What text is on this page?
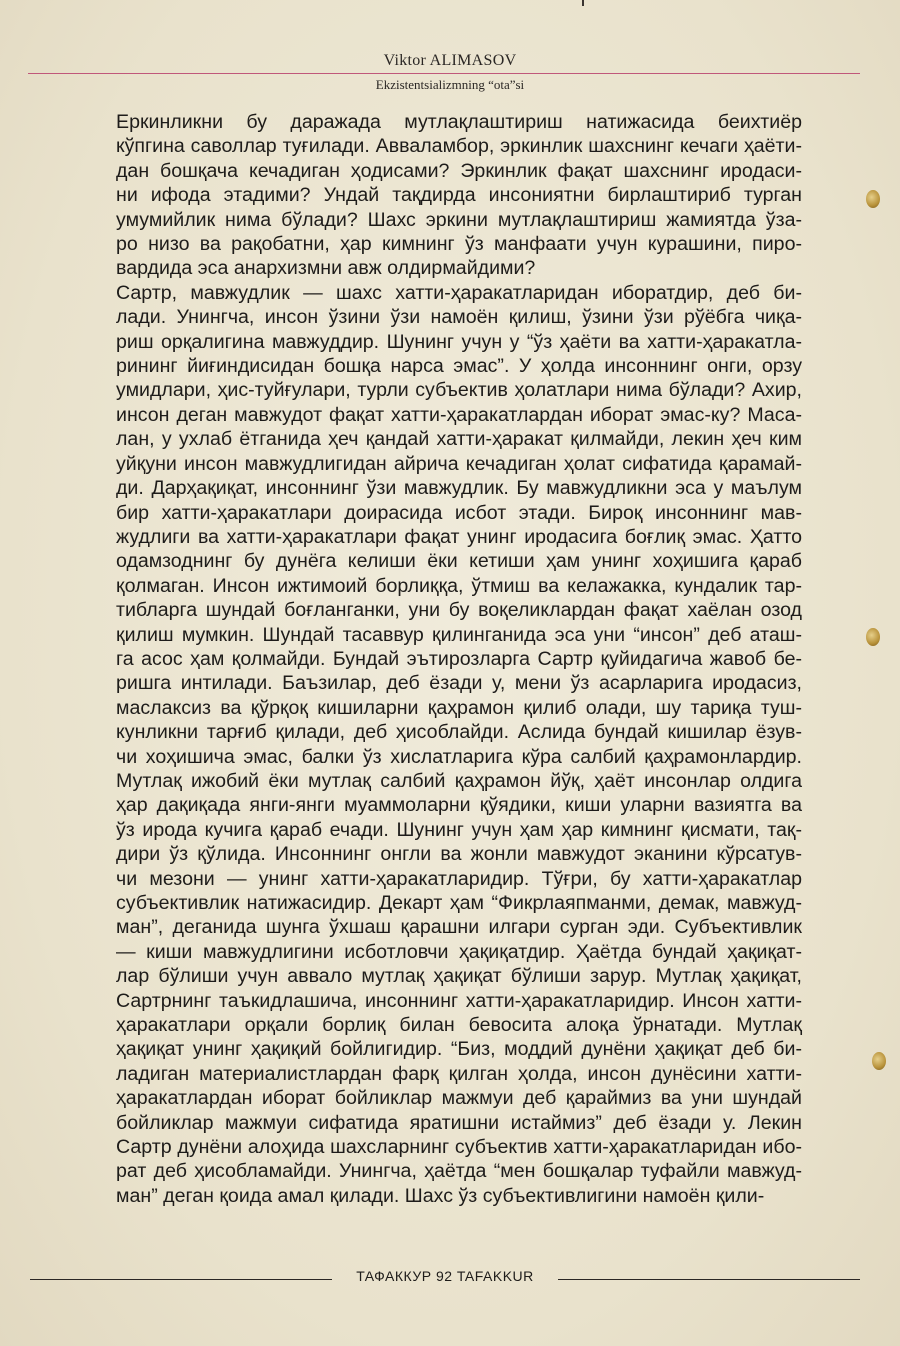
Viktor ALIMASOV
Ekzistentsializmning “ota”sі
Еркинликни бу даражада мутлақлаштириш натижасида беихтиёр
кўпгина саволлар туғилади. Авваламбор, эркинлик шахснинг кечаги ҳаёти-
дан бошқача кечадиган ҳодисами? Эркинлик фақат шахснинг иродаси-
ни ифода этадими? Ундай тақдирда инсониятни бирлаштириб турган
умумийлик нима бўлади? Шахс эркини мутлақлаштириш жамиятда ўза-
ро низо ва рақобатни, ҳар кимнинг ўз манфаати учун курашини, пиро-
вардида эса анархизмни авж олдирмайдими?
Сартр, мавжудлик — шахс хатти-ҳаракатларидан иборатдир, деб би-
лади. Унингча, инсон ўзини ўзи намоён қилиш, ўзини ўзи рўёбга чиқа-
риш орқалигина мавжуддир. Шунинг учун у “ўз ҳаёти ва хатти-ҳаракатла-
рининг йиғиндисидан бошқа нарса эмас”. У ҳолда инсоннинг онги, орзу
умидлари, ҳис-туйғулари, турли субъектив ҳолатлари нима бўлади? Ахир,
инсон деган мавжудот фақат хатти-ҳаракатлардан иборат эмас-ку? Маса-
лан, у ухлаб ётганида ҳеч қандай хатти-ҳаракат қилмайди, лекин ҳеч ким
уйқуни инсон мавжудлигидан айрича кечадиган ҳолат сифатида қарамай-
ди. Дарҳақиқат, инсоннинг ўзи мавжудлик. Бу мавжудликни эса у маълум
бир хатти-ҳаракатлари доирасида исбот этади. Бироқ инсоннинг мав-
жудлиги ва хатти-ҳаракатлари фақат унинг иродасига боғлиқ эмас. Ҳатто
одамзоднинг бу дунёга келиши ёки кетиши ҳам унинг хоҳишига қараб
қолмаган. Инсон ижтимоий борлиққа, ўтмиш ва келажакка, кундалик тар-
тибларга шундай боғланганки, уни бу воқеликлардан фақат хаёлан озод
қилиш мумкин. Шундай тасаввур қилинганида эса уни “инсон” деб аташ-
га асос ҳам қолмайди. Бундай эътирозларга Сартр қуйидагича жавоб бе-
ришга интилади. Баъзилар, деб ёзади у, мени ўз асарларига иродасиз,
маслаксиз ва қўрқоқ кишиларни қаҳрамон қилиб олади, шу тариқа туш-
кунликни тарғиб қилади, деб ҳисоблайди. Аслида бундай кишилар ёзув-
чи хоҳишича эмас, балки ўз хислатларига кўра салбий қаҳрамонлардир.
Мутлақ ижобий ёки мутлақ салбий қаҳрамон йўқ, ҳаёт инсонлар олдига
ҳар дақиқада янги-янги муаммоларни қўядики, киши уларни вазиятга ва
ўз ирода кучига қараб ечади. Шунинг учун ҳам ҳар кимнинг қисмати, тақ-
дири ўз қўлида. Инсоннинг онгли ва жонли мавжудот эканини кўрсатув-
чи мезони — унинг хатти-ҳаракатларидир. Тўғри, бу хатти-ҳаракатлар
субъективлик натижасидир. Декарт ҳам “Фикрлаяпманми, демак, мавжуд-
ман”, деганида шунга ўхшаш қарашни илгари сурган эди. Субъективлик
— киши мавжудлигини исботловчи ҳақиқатдир. Ҳаётда бундай ҳақиқат-
лар бўлиши учун аввало мутлақ ҳақиқат бўлиши зарур. Мутлақ ҳақиқат,
Сартрнинг таъкидлашича, инсоннинг хатти-ҳаракатларидир. Инсон хатти-
ҳаракатлари орқали борлиқ билан бевосита алоқа ўрнатади. Мутлақ
ҳақиқат унинг ҳақиқий бойлигидир. “Биз, моддий дунёни ҳақиқат деб би-
ладиган материалистлардан фарқ қилган ҳолда, инсон дунёсини хатти-
ҳаракатлардан иборат бойликлар мажмуи деб қараймиз ва уни шундай
бойликлар мажмуи сифатида яратишни истаймиз” деб ёзади у. Лекин
Сартр дунёни алоҳида шахсларнинг субъектив хатти-ҳаракатларидан ибо-
рат деб ҳисобламайди. Унингча, ҳаётда “мен бошқалар туфайли мавжуд-
ман” деган қоида амал қилади. Шахс ўз субъективлигини намоён қили-
ТАФАККУР 92 TAFAKKUR
